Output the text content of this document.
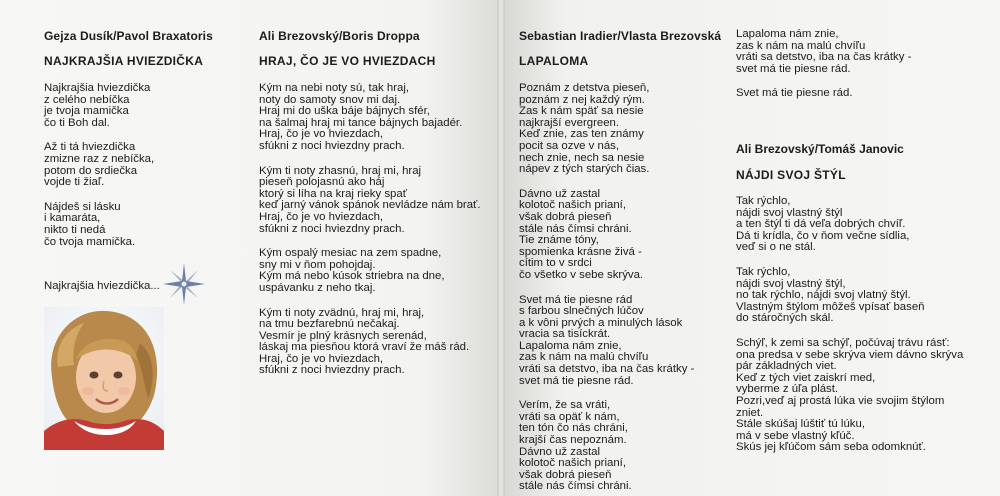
Gejza Dusík/Pavol Braxatoris
NAJKRAJŠIA HVIEZDIČKA
Najkrajšia hviezdička
z celého nebíčka
je tvoja mamička
čo ti Boh dal.
Až ti tá hviezdička
zmizne raz z nebíčka,
potom do srdiečka
vojde ti žiaľ.
Nájdeš si lásku
i kamaráta,
nikto ti nedá
čo tvoja mamička.
Najkrajšia hviezdička...
Ali Brezovský/Boris Droppa
HRAJ, ČO JE VO HVIEZDACH
Kým na nebi noty sú, tak hraj,
noty do samoty snov mi daj.
Hraj mi do uška báje bájnych sfér,
na šalmaj hraj mi tance bájnych bajadér.
Hraj, čo je vo hviezdach,
sfúkni z noci hviezdny prach.
Kým ti noty zhasnú, hraj mi, hraj
pieseň polojasnú ako háj
ktorý si líha na kraj rieky spať
keď jarný vánok spánok nevládze nám brať.
Hraj, čo je vo hviezdach,
sfúkni z noci hviezdny prach.
Kým ospalý mesiac na zem spadne,
sny mi v ňom pohojdaj.
Kým má nebo kúsok striebra na dne,
uspávanku z neho tkaj.
Kým ti noty zvädnú, hraj mi, hraj,
na tmu bezfarebnú nečakaj.
Vesmír je plný krásnych serenád,
láskaj ma piesňou ktorá vraví že máš rád.
Hraj, čo je vo hviezdach,
sfúkni z noci hviezdny prach.
Sebastian Iradier/Vlasta Brezovská
LAPALOMA
Poznám z detstva pieseň,
poznám z nej každý rým.
Zas k nám späť sa nesie
najkrajší evergreen.
Keď znie, zas ten známy
pocit sa ozve v nás,
nech znie, nech sa nesie
nápev z tých starých čias.
Dávno už zastal
kolotoč našich prianí,
však dobrá pieseň
stále nás čímsi chráni.
Tie známe tóny,
spomienka krásne živá -
cítim to v srdci
čo všetko v sebe skrýva.
Svet má tie piesne rád
s farbou slnečných lúčov
a k vôni prvých a minulých lások
vracia sa tisíckrát.
Lapaloma nám znie,
zas k nám na malú chvíľu
vráti sa detstvo, iba na čas krátky -
svet má tie piesne rád.
Verím, že sa vráti,
vráti sa opäť k nám,
ten tón čo nás chráni,
krajší čas nepoznám.
Dávno už zastal
kolotoč našich prianí,
však dobrá pieseň
stále nás čímsi chráni.
Lapaloma nám znie,
zas k nám na malú chvíľu
vráti sa detstvo, iba na čas krátky -
svet má tie piesne rád.
Svet má tie piesne rád.
Ali Brezovský/Tomáš Janovic
NÁJDI SVOJ ŠTÝL
Tak rýchlo,
nájdi svoj vlastný štýl
a ten štýl ti dá veľa dobrých chvíľ.
Dá ti krídla, čo v ňom večne sídlia,
veď si o ne stál.
Tak rýchlo,
nájdi svoj vlastný štýl,
no tak rýchlo, nájdi svoj vlatný štýl.
Vlastným štýlom môžeš vpísať baseň
do stáročných skál.
Schýľ, k zemi sa schýľ, počúvaj trávu rásť:
ona predsa v sebe skrýva viem dávno skrýva
pár základných viet.
Keď z tých viet zaiskrí med,
vyberme z úľa plást.
Pozri,veď aj prostá lúka vie svojim štýlom
zniet.
Stále skúšaj lúštiť tú lúku,
má v sebe vlastný kľúč.
Skús jej kľúčom sám seba odomknúť.
